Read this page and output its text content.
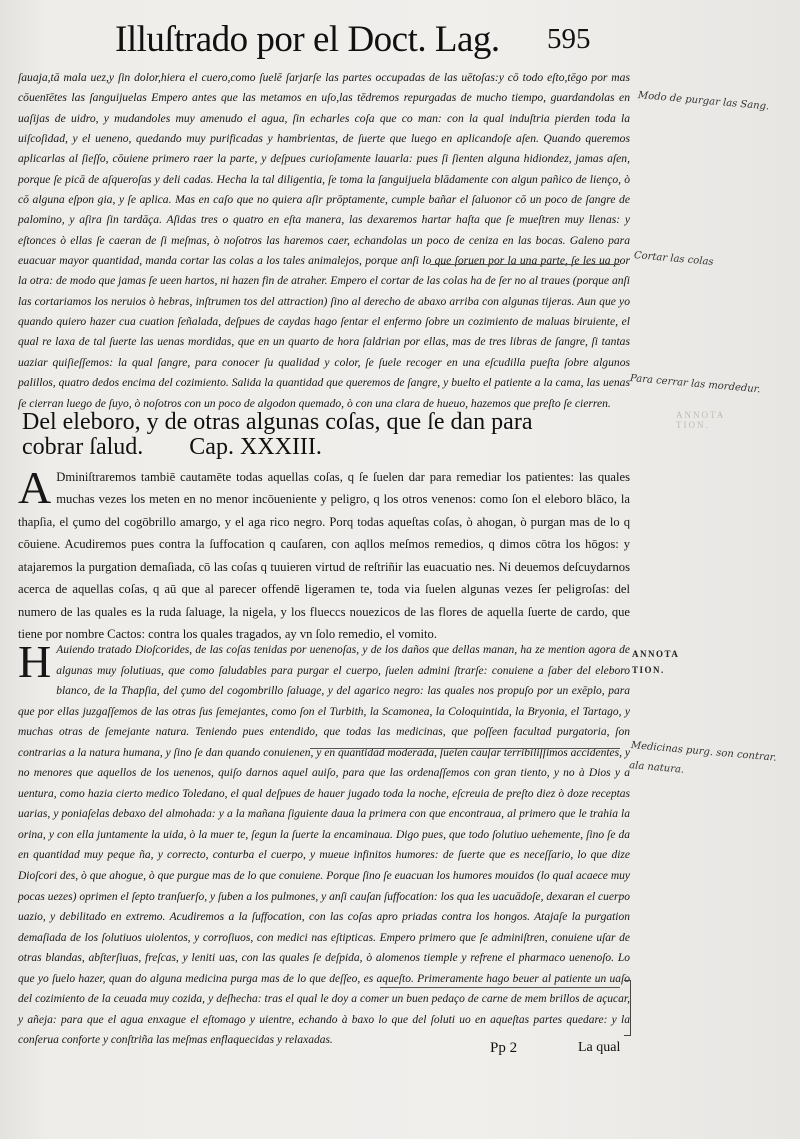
Illuſtrado por el Doct. Lag. 595

ſauaja,tā mala uez,y ſin dolor,hiera el cuero,como ſuelē ſarjarſe las partes occupadas de las uētoſas:y cō todo eſto,tēgo por mas cōuenīētes las ſanguijuelas Empero antes que las metamos en uſo,las tēdremos repurgadas de mucho tiempo, guardandolas en uaſijas de uidro, y mudandoles muy amenudo el agua, ſin echarles coſa que co man: con la qual induſtria pierden toda la uiſcoſidad, y el ueneno, quedando muy purificadas y hambrientas, de ſuerte que luego en aplicandoſe aſen. Quando queremos aplicarlas al ſieſſo, cōuiene primero raer la parte, y deſpues curioſamente lauarla: pues ſi ſienten alguna hidiondez, jamas aſen, porque ſe picā de aſqueroſas y deli cadas. Hecha la tal diligentia, ſe toma la ſanguijuela blādamente con algun pañico de lienço, ò cō alguna eſpon gia, y ſe aplica. Mas en caſo que no quiera aſir prōptamente, cumple bañar el ſaluonor cō un poco de ſangre de palomino, y aſira ſin tardāça. Aſidas tres o quatro en eſta manera, las dexaremos hartar haſta que ſe mueſtren muy llenas: y eſtonces ò ellas ſe caeran de ſi meſmas, ò noſotros las haremos caer, echandolas un poco de ceniza en las bocas. Galeno para euacuar mayor quantidad, manda cortar las colas a los tales animalejos, porque anſi lo que ſoruen por la una parte, ſe les ua por la otra: de modo que jamas ſe ueen hartos, ni hazen fin de atraher. Empero el cortar de las colas ha de ſer no al traues (porque anſi las cortariamos los neruios ò hebras, inſtrumen tos del attraction) ſino al derecho de abaxo arriba con algunas tijeras. Aun que yo quando quiero hazer cua cuation ſeñalada, deſpues de caydas hago ſentar el enfermo ſobre un cozimiento de maluas biruiente, el qual re laxa de tal ſuerte las uenas mordidas, que en un quarto de hora ſaldrian por ellas, mas de tres libras de ſangre, ſi tantas uaziar quiſieſſemos: la qual ſangre, para conocer ſu qualidad y color, ſe ſuele recoger en una eſcudilla pueſta ſobre algunos palillos, quatro dedos encima del cozimiento. Salida la quantidad que queremos de ſangre, y buelto el patiente a la cama, las uenas ſe cierran luego de ſuyo, ò noſotros con un poco de algodon quemado, ò con una clara de hueuo, hazemos que preſto ſe cierren.

Del eleboro, y de otras algunas coſas, que ſe dan para
cobrar ſalud. Cap. XXXIII.
A Dminiſtraremos tambiē cautamēte todas aquellas coſas, q ſe ſuelen dar para remediar los patientes: las quales muchas vezes los meten en no menor incōueniente y peligro, q los otros venenos: como ſon el eleboro blāco, la thapſia, el çumo del cogōbrillo amargo, y el aga rico negro. Porq todas aqueſtas coſas, ò ahogan, ò purgan mas de lo q cōuiene. Acudiremos pues contra la ſuffocation q cauſaren, con aqllos meſmos remedios, q dimos cōtra los hōgos: y atajaremos la purgation demaſiada, cō las coſas q tuuieren virtud de reſtriñir las euacuatio nes. Ni deuemos deſcuydarnos acerca de aquellas coſas, q aū que al parecer offendē ligeramen te, toda via ſuelen algunas vezes ſer peligroſas: del numero de las quales es la ruda ſaluage, la nigela, y los flueccs nouezicos de las flores de aquella ſuerte de cardo, que tiene por nombre Cactos: contra los quales tragados, ay vn ſolo remedio, el vomito.

H Auiendo tratado Dioſcorides, de las coſas tenidas por uenenoſas, y de los daños que dellas manan, ha ze mention agora de algunas muy ſolutiuas, que como ſaludables para purgar el cuerpo, ſuelen admini ſtrarſe: conuiene a ſaber del eleboro blanco, de la Thapſia, del çumo del cogombrillo ſaluage, y del agarico negro: las quales nos propuſo por un exēplo, para que por ellas juzgaſſemos de las otras ſus ſemejantes, como ſon el Turbith, la Scamonea, la Coloquintida, la Bryonia, el Tartago, y muchas otras de ſemejante natura. Teniendo pues entendido, que todas las medicinas, que poſſeen facultad purgatoria, ſon contrarias a la natura humana, y ſino ſe dan quando conuienen, y en quantidad moderada, ſuelen cauſar terribiliſſimos accidentes, y no menores que aquellos de los uenenos, quiſo darnos aquel auiſo, para que las ordenaſſemos con gran tiento, y no à Dios y a uentura, como hazia cierto medico Toledano, el qual deſpues de hauer jugado toda la noche, eſcreuia de preſto diez ò doze receptas uarias, y poniaſelas debaxo del almohada: y a la mañana ſiguiente daua la primera con que encontraua, al primero que le trahia la orina, y con ella juntamente la uida, ò la muer te, ſegun la ſuerte la encaminaua. Digo pues, que todo ſolutiuo uehemente, ſino ſe da en quantidad muy peque ña, y correcto, conturba el cuerpo, y mueue infinitos humores: de ſuerte que es neceſſario, lo que dize Dioſcori des, ò que ahogue, ò que purgue mas de lo que conuiene. Porque ſino ſe euacuan los humores mouidos (lo qual acaece muy pocas uezes) oprimen el ſepto tranſuerſo, y ſuben a los pulmones, y anſi cauſan ſuffocation: los qua les uacuādoſe, dexaran el cuerpo uazio, y debilitado en extremo. Acudiremos a la ſuffocation, con las coſas apro priadas contra los hongos. Atajaſe la purgation demaſiada de los ſolutiuos uiolentos, y corroſiuos, con medici nas eſtipticas. Empero primero que ſe adminiſtren, conuiene uſar de otras blandas, abſterſiuas, freſcas, y leniti uas, con las quales ſe deſpida, ò alomenos tiemple y refrene el pharmaco uenenoſo. Lo que yo ſuelo hazer, quan do alguna medicina purga mas de lo que deſſeo, es aqueſto. Primeramente hago beuer al patiente un uaſo del cozimiento de la ceuada muy cozida, y deſhecha: tras el qual le doy a comer un buen pedaço de carne de mem brillos de açucar, y añeja: para que el agua enxague el eſtomago y uientre, echando à baxo lo que del ſoluti uo en aqueſtas partes quedare: y la conſerua conforte y conſtriña las meſmas enflaquecidas y relaxadas.

ANNOTA TION.
ANNOTA TION.
Modo de purgar las Sang.
Cortar las colas
Para cerrar las mordedur.
Medicinas purg. son contrar. ala natura.
Pp 2	La qual
